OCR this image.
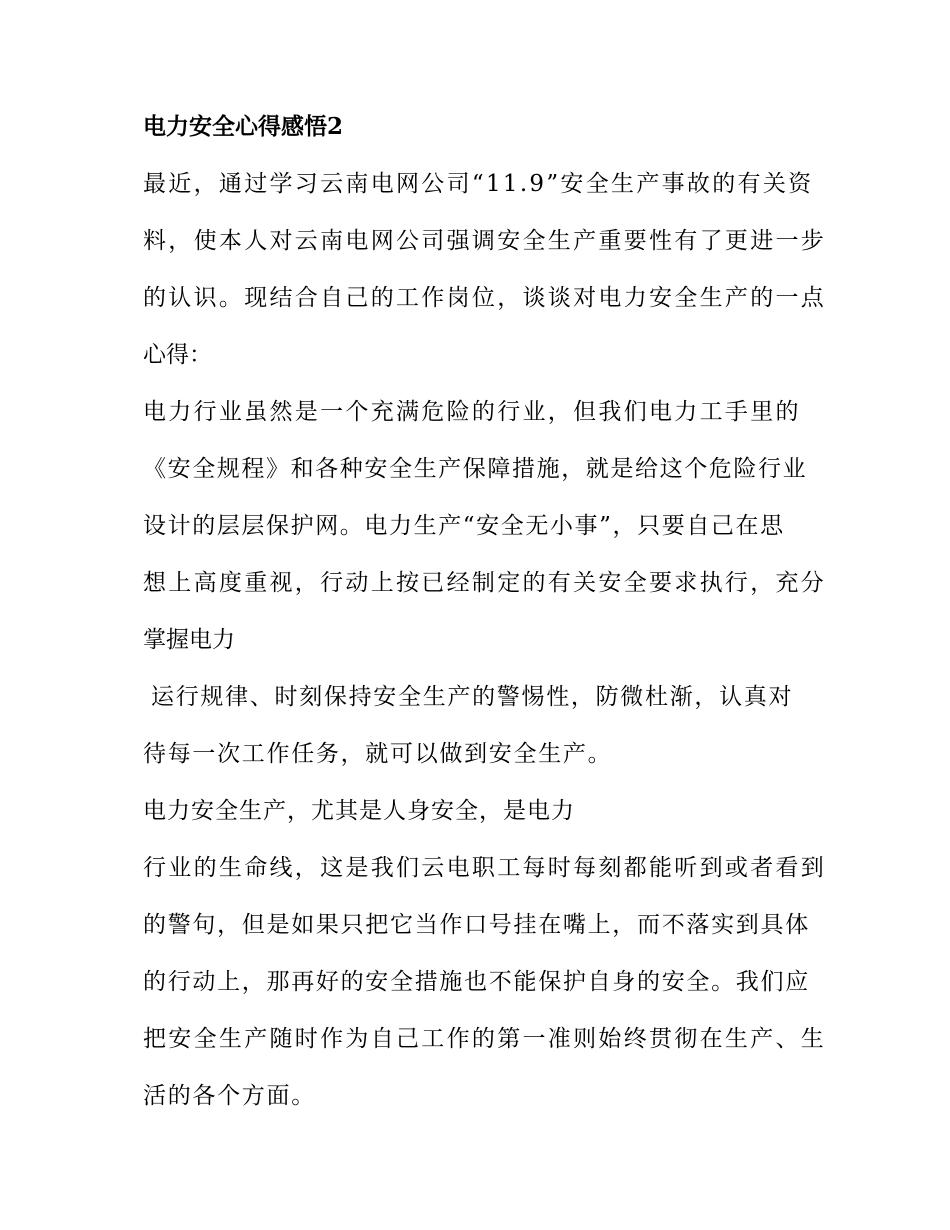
电力安全心得感悟2

最近，通过学习云南电网公司“11.9”安全生产事故的有关资

料，使本人对云南电网公司强调安全生产重要性有了更进一步

的认识。现结合自己的工作岗位，谈谈对电力安全生产的一点

心得：

电力行业虽然是一个充满危险的行业，但我们电力工手里的

《安全规程》和各种安全生产保障措施，就是给这个危险行业

设计的层层保护网。电力生产“安全无小事”，只要自己在思

想上高度重视，行动上按已经制定的有关安全要求执行，充分

掌握电力

运行规律、时刻保持安全生产的警惕性，防微杜渐，认真对

待每一次工作任务，就可以做到安全生产。

电力安全生产，尤其是人身安全，是电力

行业的生命线，这是我们云电职工每时每刻都能听到或者看到

的警句，但是如果只把它当作口号挂在嘴上，而不落实到具体

的行动上，那再好的安全措施也不能保护自身的安全。我们应

把安全生产随时作为自己工作的第一准则始终贯彻在生产、生

活的各个方面。
